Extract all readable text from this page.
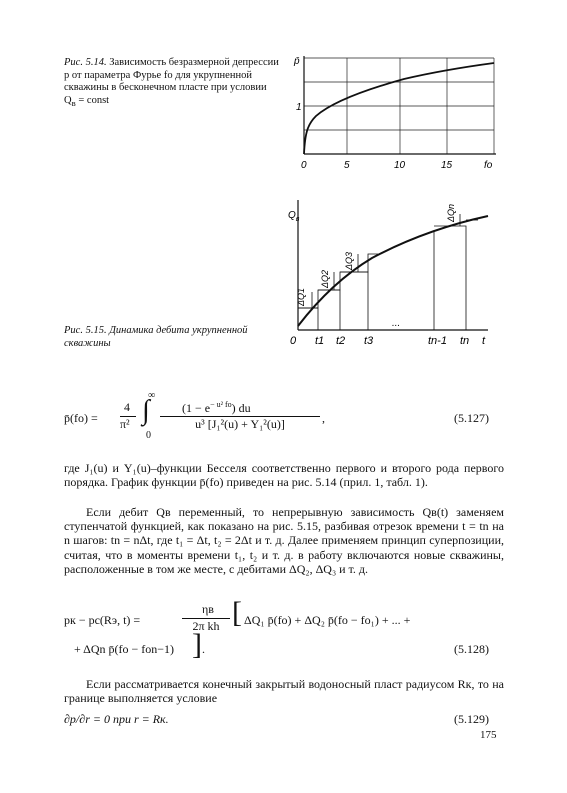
Рис. 5.14. Зависимость безразмерной депрессии p от параметра Фурье fo для укрупненной скважины в бесконечном пласте при условии $Q_в$ = const
p̄
1
0	5	10	15	fo
$Q_в$
ΔQ1
ΔQ2
ΔQ3
ΔQn
...
0 t1 t2 t3	tn-1 tn t
Рис. 5.15. Динамика дебита укрупненной скважины
p̄(fo) =
4
π²
∞
∫
0
$(1 - e^{- u^2 fo})$ du
u³ [J₁²(u) + Y₁²(u)]	,	(5.127)
где J₁(u) и Y₁(u)–функции Бесселя соответственно первого и второго рода первого порядка. График функции p̄(fo) приведен на рис. 5.14 (прил. 1, табл. 1).
Если дебит Qв переменный, то непрерывную зависимость Qв(t) заменяем ступенчатой функцией, как показано на рис. 5.15, разбивая отрезок времени t = tn на n шагов: tn = nΔt, где t₁ = Δt, t₂ = 2Δt и т. д. Далее применяем принцип суперпозиции, считая, что в моменты времени t₁, t₂ и т. д. в работу включаются новые скважины, расположенные в том же месте, с дебитами ΔQ₂, ΔQ₃ и т. д.
pк − pс(Rэ, t) =
ηв
2π kh [ ΔQ₁ p̄(fo) + ΔQ₂ p̄(fo − fo₁) + ... +
+ ΔQn p̄(fo − fon−1) ] .	(5.128)
Если рассматривается конечный закрытый водоносный пласт радиусом Rк, то на границе выполняется условие
∂p/∂r = 0 при r = Rк.	(5.129)
175
